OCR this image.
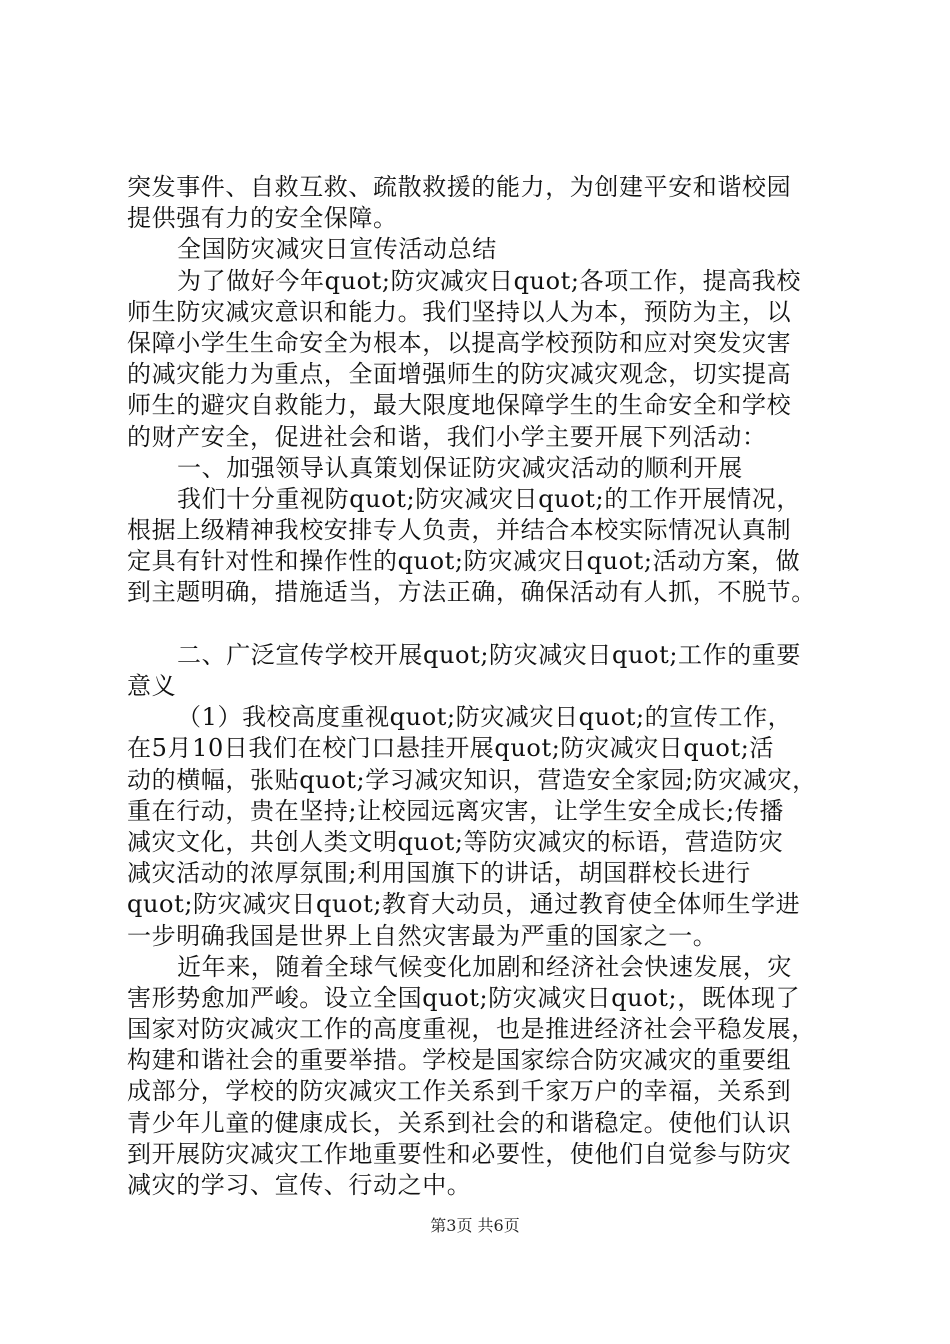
突发事件、自救互救、疏散救援的能力，为创建平安和谐校园
提供强有力的安全保障。
全国防灾减灾日宣传活动总结
为了做好今年quot;防灾减灾日quot;各项工作，提高我校
师生防灾减灾意识和能力。我们坚持以人为本，预防为主，以
保障小学生生命安全为根本，以提高学校预防和应对突发灾害
的减灾能力为重点，全面增强师生的防灾减灾观念，切实提高
师生的避灾自救能力，最大限度地保障学生的生命安全和学校
的财产安全，促进社会和谐，我们小学主要开展下列活动：
一、加强领导认真策划保证防灾减灾活动的顺利开展
我们十分重视防quot;防灾减灾日quot;的工作开展情况，
根据上级精神我校安排专人负责，并结合本校实际情况认真制
定具有针对性和操作性的quot;防灾减灾日quot;活动方案，做
到主题明确，措施适当，方法正确，确保活动有人抓，不脱节。
二、广泛宣传学校开展quot;防灾减灾日quot;工作的重要
意义
（1）我校高度重视quot;防灾减灾日quot;的宣传工作，
在5月10日我们在校门口悬挂开展quot;防灾减灾日quot;活
动的横幅，张贴quot;学习减灾知识，营造安全家园;防灾减灾，
重在行动，贵在坚持;让校园远离灾害，让学生安全成长;传播
减灾文化，共创人类文明quot;等防灾减灾的标语，营造防灾
减灾活动的浓厚氛围;利用国旗下的讲话，胡国群校长进行
quot;防灾减灾日quot;教育大动员，通过教育使全体师生学进
一步明确我国是世界上自然灾害最为严重的国家之一。
近年来，随着全球气候变化加剧和经济社会快速发展，灾
害形势愈加严峻。设立全国quot;防灾减灾日quot;，既体现了
国家对防灾减灾工作的高度重视，也是推进经济社会平稳发展，
构建和谐社会的重要举措。学校是国家综合防灾减灾的重要组
成部分，学校的防灾减灾工作关系到千家万户的幸福，关系到
青少年儿童的健康成长，关系到社会的和谐稳定。使他们认识
到开展防灾减灾工作地重要性和必要性，使他们自觉参与防灾
减灾的学习、宣传、行动之中。
第3页 共6页
